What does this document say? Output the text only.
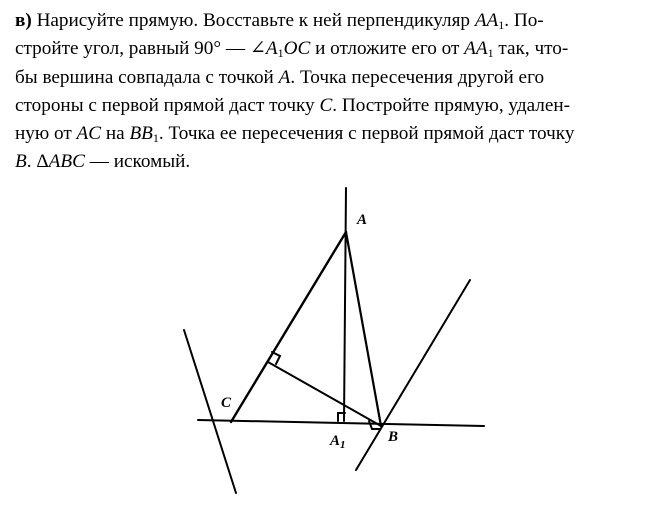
в) Нарисуйте прямую. Восставьте к ней перпендикуляр $AA_1$. По-

стройте угол, равный 90° — $\angle A_1OC$ и отложите его от $AA_1$ так, что-

бы вершина совпадала с точкой A. Точка пересечения другой его

стороны с первой прямой даст точку C. Постройте прямую, удален-

ную от AC на $BB_1$. Точка ее пересечения с первой прямой даст точку

B. ΔABC — искомый.

A
C
$A_1$	B
